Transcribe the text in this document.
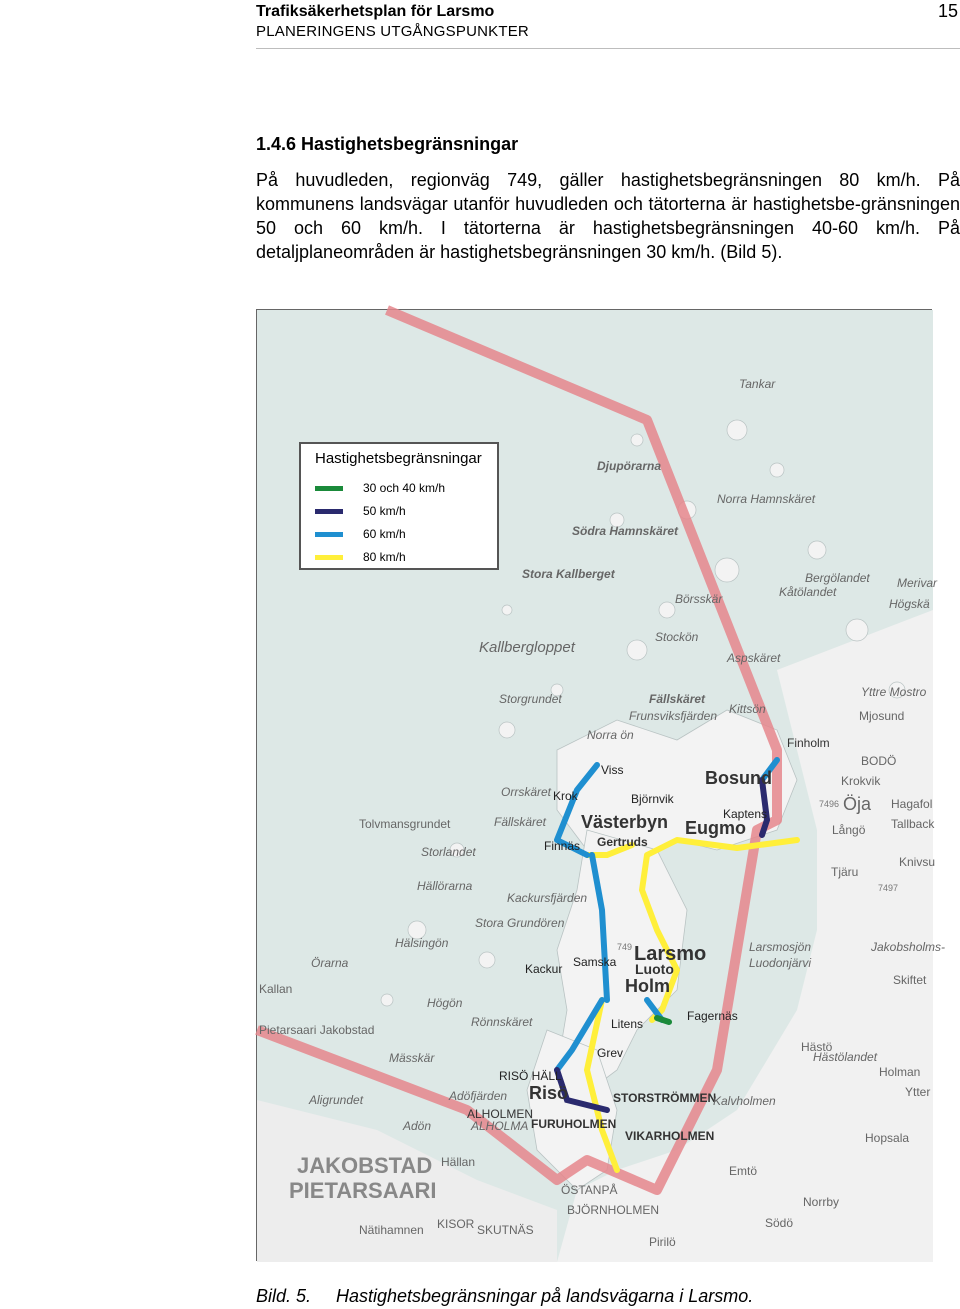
Trafiksäkerhetsplan för Larsmo
PLANERINGENS UTGÅNGSPUNKTER
15
1.4.6 Hastighetsbegränsningar
På huvudleden, regionväg 749, gäller hastighetsbegränsningen 80 km/h. På kommunens landsvägar utanför huvudleden och tätorterna är hastighetsbe-gränsningen 50 och 60 km/h. I tätorterna är hastighetsbegränsningen 40-60 km/h. På detaljplaneområden är hastighetsbegränsningen 30 km/h. (Bild 5).
Tankar
Djupörarna
Norra Hamnskäret
Södra Hamnskäret
Stora Kallberget	Bergölandet
Kåtölandet
Merivar
Högskä
Börsskär
Kallbergloppet
Stockön
Aspskäret
Storgrundet	Fällskäret
Frunsviksfjärden Kittsön
Yttre Mostro
Mjosund
Norra ön
Finholm
BODÖ
Krokvik
Öja Hagafol
Tallback
Långö
Knivsu
Viss	Bosund
Orrskäret Krok	Björnvik
Kaptens
Fällskäret
Tolvmansgrundet	Västerbyn Eugmo
Gertruds
Finnäs
Storlandet
Tjäru
Hällörarna
Kackursfjärden
Stora Grundören
Hälsingön	Larsmo
Luoto
Samska
Larsmosjön
Luodonjärvi
Jakobsholms-
Skiftet
Örarna	Kackur
Holm
Kallan
Högön
Fagernäs
Litens
Pietarsaari Jakobstad
Rönnskäret
Grev
Mässkär
Hästö
Hästölandet
RISÖ HÄLL
Risö
Holman
Ytter
Aligrundet	Adöfjärden	STORSTRÖMMEN
Kalvholmen
ALHOLMEN
ALHOLMA
Adön	FURUHOLMEN
VIKARHOLMEN	Hopsala
JAKOBSTAD
PIETARSAARI
Hällan
Emtö
ÖSTANPÅ
Norrby
BJÖRNHOLMEN
Nätihamnen KISOR SKUTNÄS	Södö
Pirilö
7496
7497
749
Hastighetsbegränsningar
30 och 40 km/h
50 km/h
60 km/h
80 km/h
Bild. 5. Hastighetsbegränsningar på landsvägarna i Larsmo.
